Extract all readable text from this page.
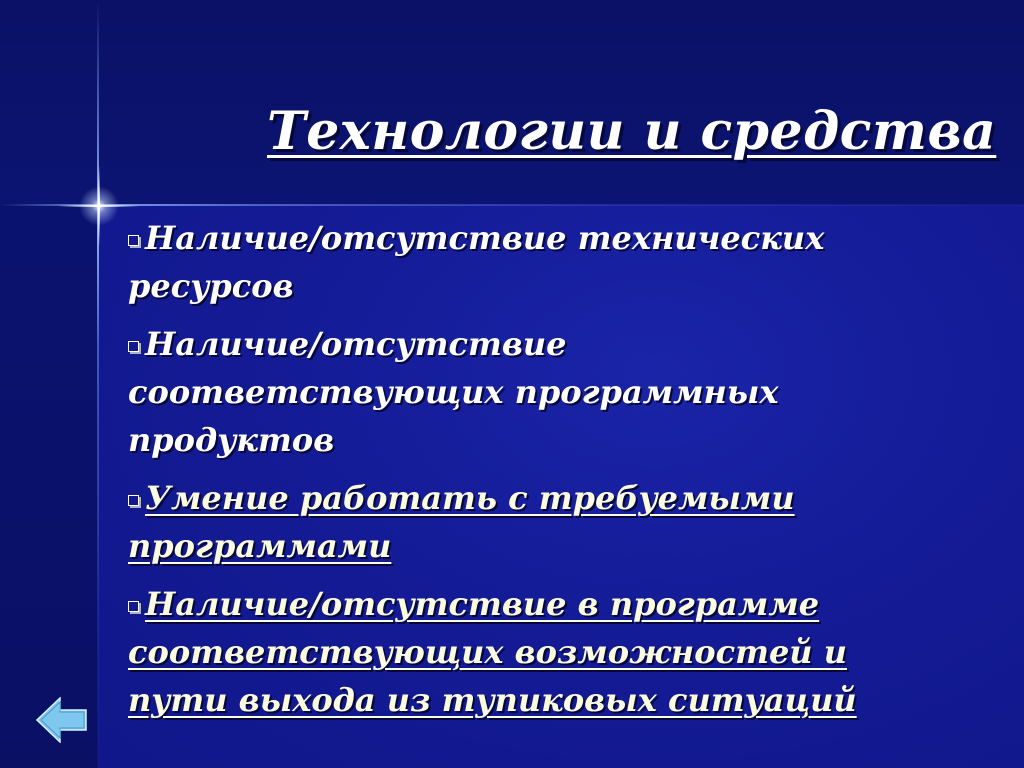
Технологии и средства
Наличие/отсутствие технических ресурсов
Наличие/отсутствие соответствующих программных продуктов
Умение работать с требуемыми программами
Наличие/отсутствие в программе соответствующих возможностей и пути выхода из тупиковых ситуаций
